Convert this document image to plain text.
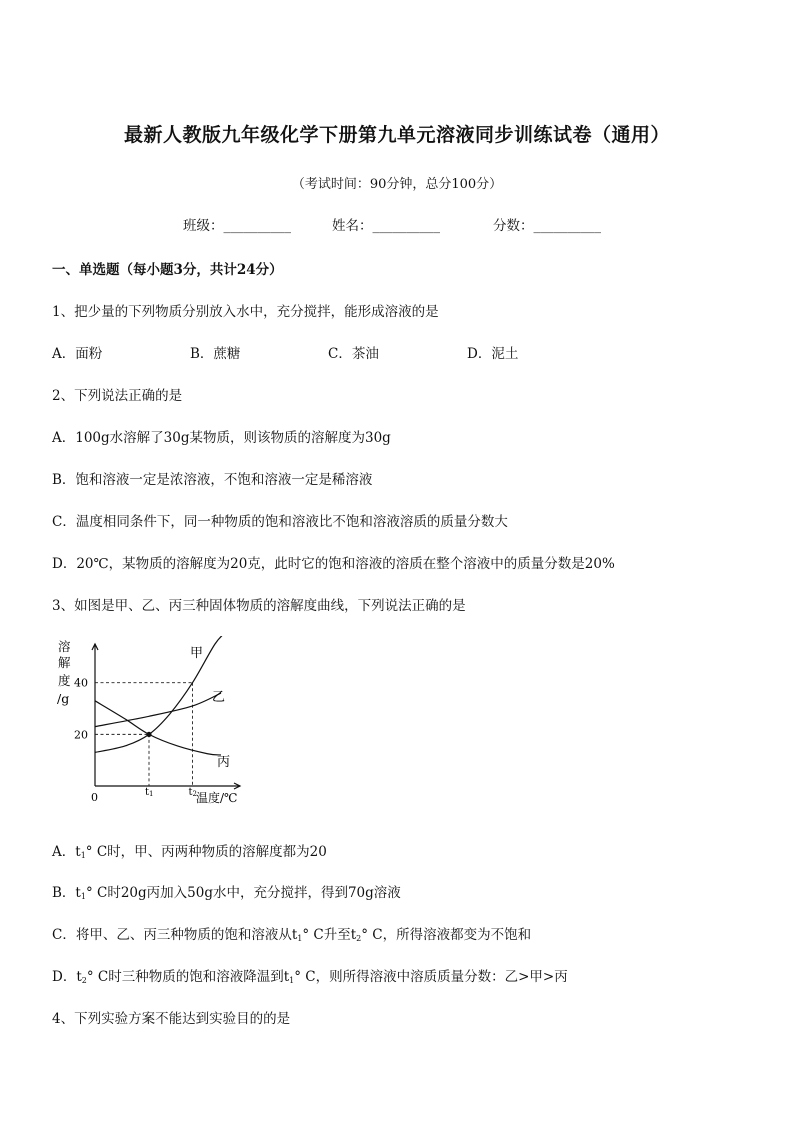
最新人教版九年级化学下册第九单元溶液同步训练试卷（通用）
（考试时间：90分钟，总分100分）
班级：__________	姓名：__________	分数：__________
一、单选题（每小题3分，共计24分）
1、把少量的下列物质分别放入水中，充分搅拌，能形成溶液的是
A．面粉	B．蔗糖	C．茶油	D．泥土
2、下列说法正确的是
A．100g水溶解了30g某物质，则该物质的溶解度为30g
B．饱和溶液一定是浓溶液，不饱和溶液一定是稀溶液
C．温度相同条件下，同一种物质的饱和溶液比不饱和溶液溶质的质量分数大
D．20℃，某物质的溶解度为20克，此时它的饱和溶液的溶质在整个溶液中的质量分数是20%
3、如图是甲、乙、丙三种固体物质的溶解度曲线，下列说法正确的是
溶
解
度
/g
0	温度/℃
40
20
t1	t2
甲
乙
丙
A．$t_1^\circ$ C时，甲、丙两种物质的溶解度都为20
B．$t_1^\circ$ C时20g丙加入50g水中，充分搅拌，得到70g溶液
C．将甲、乙、丙三种物质的饱和溶液从$t_1^\circ$ C升至$t_2^\circ$ C，所得溶液都变为不饱和
D．$t_2^\circ$ C时三种物质的饱和溶液降温到$t_1^\circ$ C，则所得溶液中溶质质量分数：乙>甲>丙
4、下列实验方案不能达到实验目的的是
